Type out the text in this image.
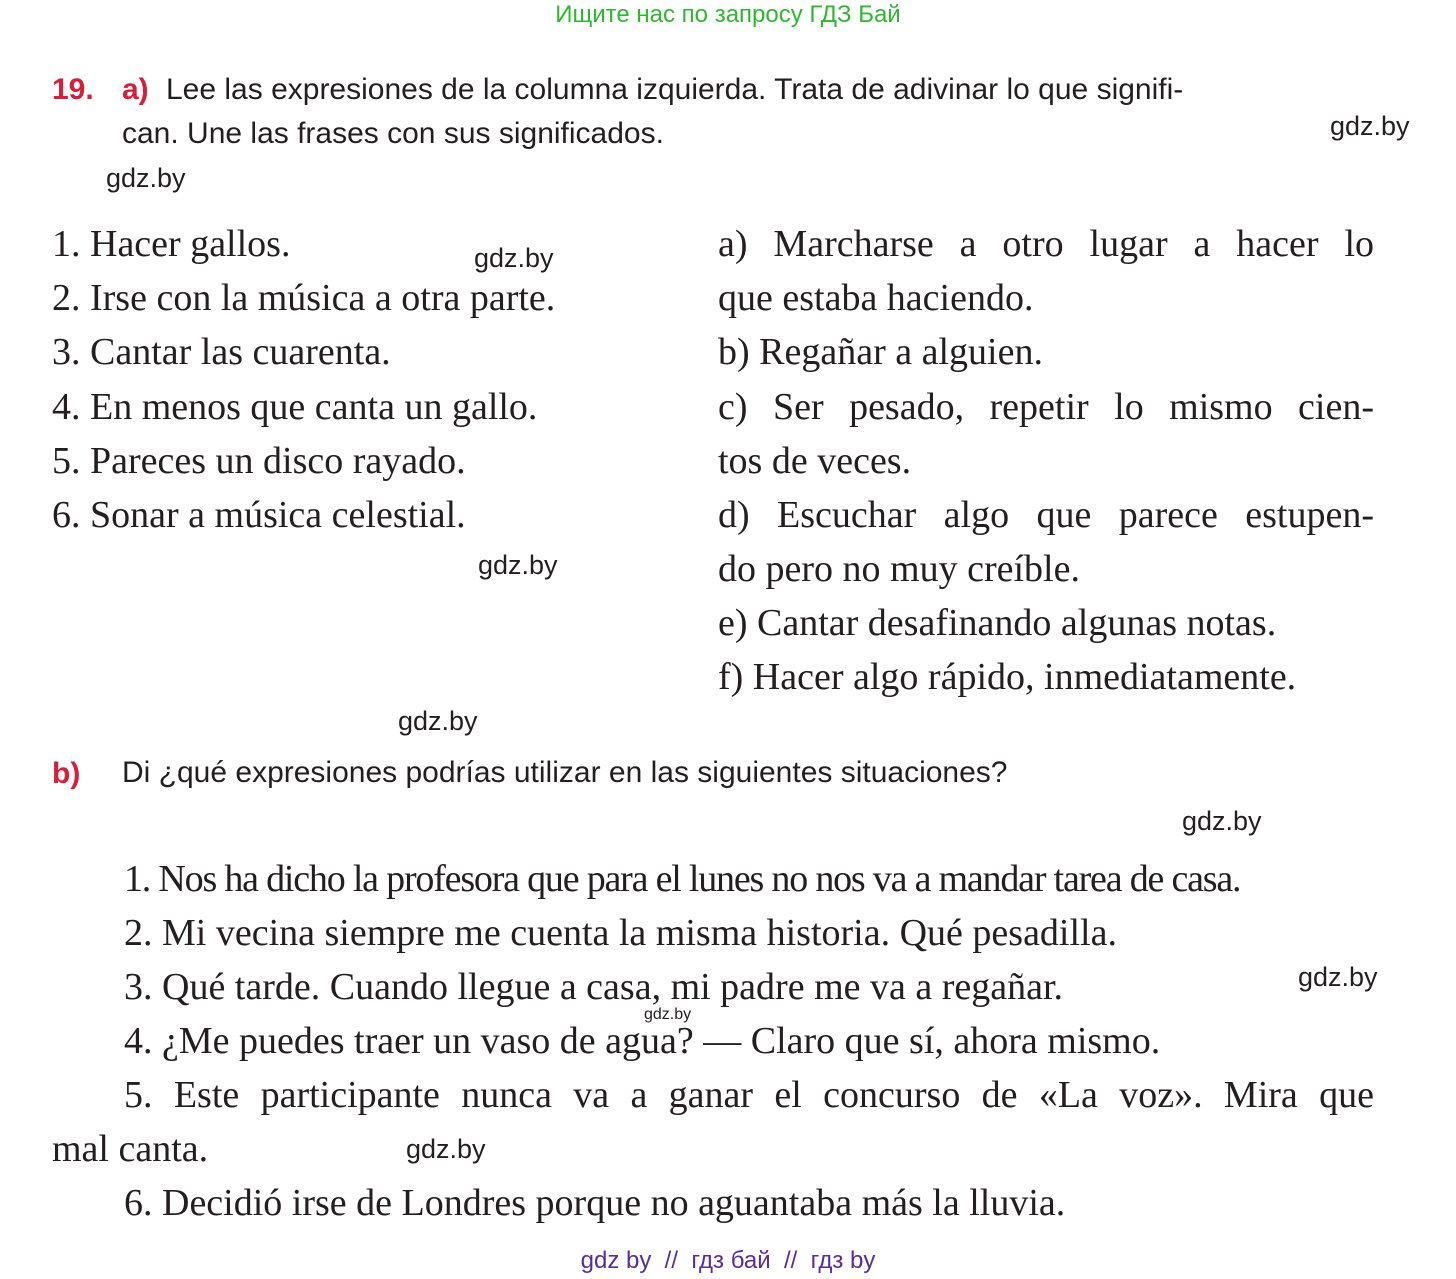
Ищите нас по запросу ГДЗ Бай
19. a) Lee las expresiones de la columna izquierda. Trata de adivinar lo que signifi-
can. Une las frases con sus significados.	gdz.by
gdz.by
gdz.by
gdz.by
gdz.by
gdz.by
gdz.by
gdz.by
gdz.by
1. Hacer gallos.
2. Irse con la música a otra parte.
3. Cantar las cuarenta.
4. En menos que canta un gallo.
5. Pareces un disco rayado.
6. Sonar a música celestial.
a) Marcharse a otro lugar a hacer lo
que estaba haciendo.
b) Regañar a alguien.
c) Ser pesado, repetir lo mismo cien-
tos de veces.
d) Escuchar algo que parece estupen-
do pero no muy creíble.
e) Cantar desafinando algunas notas.
f) Hacer algo rápido, inmediatamente.
b) Di ¿qué expresiones podrías utilizar en las siguientes situaciones?
1. Nos ha dicho la profesora que para el lunes no nos va a mandar tarea de casa.
2. Mi vecina siempre me cuenta la misma historia. Qué pesadilla.
3. Qué tarde. Cuando llegue a casa, mi padre me va a regañar.
4. ¿Me puedes traer un vaso de agua? — Claro que sí, ahora mismo.
5. Este participante nunca va a ganar el concurso de «La voz». Mira que
mal canta.
6. Decidió irse de Londres porque no aguantaba más la lluvia.
gdz by  //  гдз бай  //  гдз by
